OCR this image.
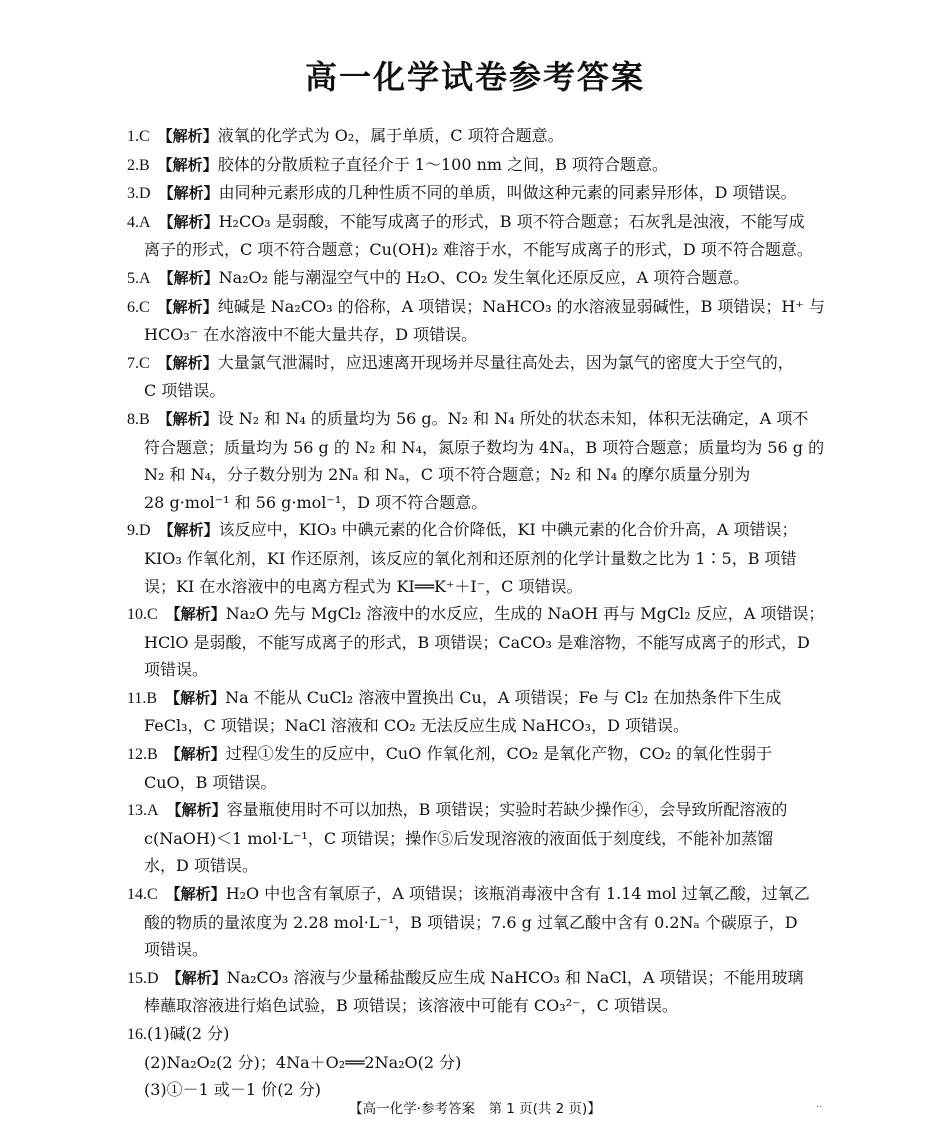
高一化学试卷参考答案
1.C 【解析】液氧的化学式为 O₂，属于单质，C 项符合题意。
2.B 【解析】胶体的分散质粒子直径介于 1～100 nm 之间，B 项符合题意。
3.D 【解析】由同种元素形成的几种性质不同的单质，叫做这种元素的同素异形体，D 项错误。
4.A 【解析】H₂CO₃ 是弱酸，不能写成离子的形式，B 项不符合题意；石灰乳是浊液，不能写成
离子的形式，C 项不符合题意；Cu(OH)₂ 难溶于水，不能写成离子的形式，D 项不符合题意。
5.A 【解析】Na₂O₂ 能与潮湿空气中的 H₂O、CO₂ 发生氧化还原反应，A 项符合题意。
6.C 【解析】纯碱是 Na₂CO₃ 的俗称，A 项错误；NaHCO₃ 的水溶液显弱碱性，B 项错误；H⁺ 与
HCO₃⁻ 在水溶液中不能大量共存，D 项错误。
7.C 【解析】大量氯气泄漏时，应迅速离开现场并尽量往高处去，因为氯气的密度大于空气的，
C 项错误。
8.B 【解析】设 N₂ 和 N₄ 的质量均为 56 g。N₂ 和 N₄ 所处的状态未知，体积无法确定，A 项不
符合题意；质量均为 56 g 的 N₂ 和 N₄，氮原子数均为 4Nₐ，B 项符合题意；质量均为 56 g 的
N₂ 和 N₄，分子数分别为 2Nₐ 和 Nₐ，C 项不符合题意；N₂ 和 N₄ 的摩尔质量分别为
28 g·mol⁻¹ 和 56 g·mol⁻¹，D 项不符合题意。
9.D 【解析】该反应中，KIO₃ 中碘元素的化合价降低，KI 中碘元素的化合价升高，A 项错误；
KIO₃ 作氧化剂，KI 作还原剂，该反应的氧化剂和还原剂的化学计量数之比为 1∶5，B 项错
误；KI 在水溶液中的电离方程式为 KI══K⁺＋I⁻，C 项错误。
10.C 【解析】Na₂O 先与 MgCl₂ 溶液中的水反应，生成的 NaOH 再与 MgCl₂ 反应，A 项错误；
HClO 是弱酸，不能写成离子的形式，B 项错误；CaCO₃ 是难溶物，不能写成离子的形式，D
项错误。
11.B 【解析】Na 不能从 CuCl₂ 溶液中置换出 Cu，A 项错误；Fe 与 Cl₂ 在加热条件下生成
FeCl₃，C 项错误；NaCl 溶液和 CO₂ 无法反应生成 NaHCO₃，D 项错误。
12.B 【解析】过程①发生的反应中，CuO 作氧化剂，CO₂ 是氧化产物，CO₂ 的氧化性弱于
CuO，B 项错误。
13.A 【解析】容量瓶使用时不可以加热，B 项错误；实验时若缺少操作④，会导致所配溶液的
c(NaOH)＜1 mol·L⁻¹，C 项错误；操作⑤后发现溶液的液面低于刻度线，不能补加蒸馏
水，D 项错误。
14.C 【解析】H₂O 中也含有氧原子，A 项错误；该瓶消毒液中含有 1.14 mol 过氧乙酸，过氧乙
酸的物质的量浓度为 2.28 mol·L⁻¹，B 项错误；7.6 g 过氧乙酸中含有 0.2Nₐ 个碳原子，D
项错误。
15.D 【解析】Na₂CO₃ 溶液与少量稀盐酸反应生成 NaHCO₃ 和 NaCl，A 项错误；不能用玻璃
棒蘸取溶液进行焰色试验，B 项错误；该溶液中可能有 CO₃²⁻，C 项错误。
16.(1)碱(2 分)
(2)Na₂O₂(2 分)；4Na＋O₂══2Na₂O(2 分)
(3)①－1 或－1 价(2 分)
【高一化学·参考答案　第 1 页(共 2 页)】	··
